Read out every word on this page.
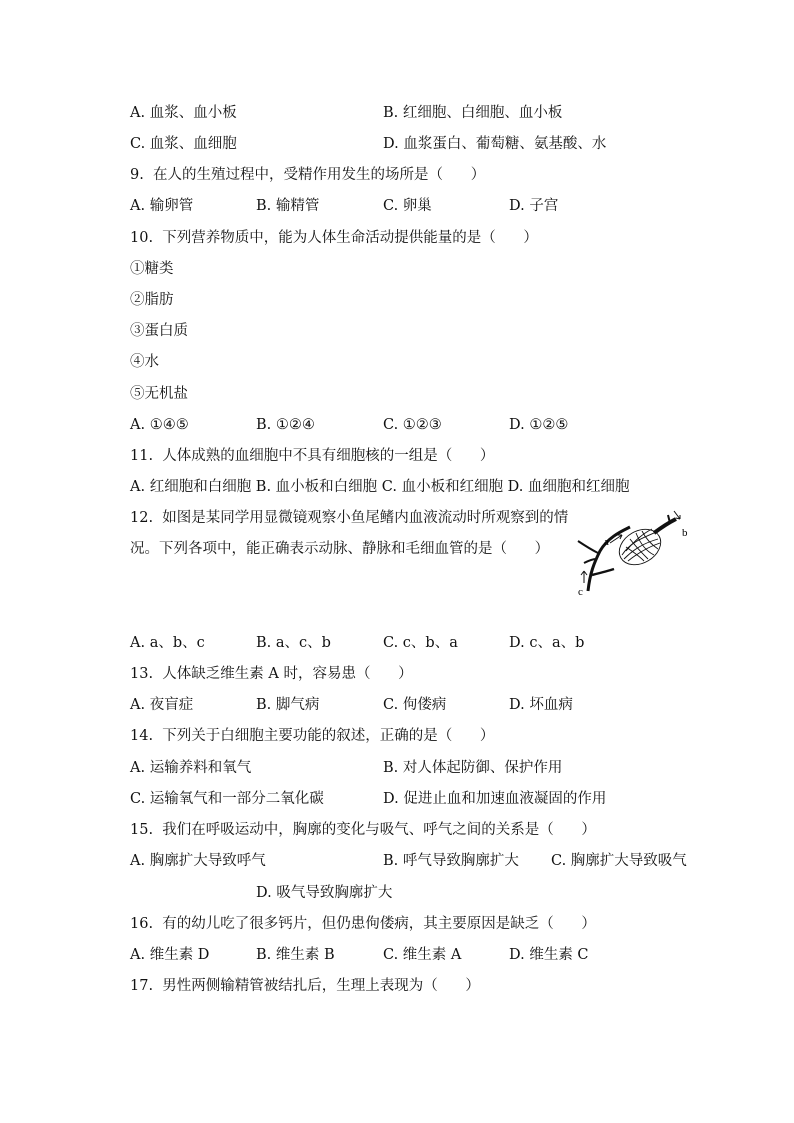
A. 血浆、血小板	B. 红细胞、白细胞、血小板
C. 血浆、血细胞	D. 血浆蛋白、葡萄糖、氨基酸、水
9.  在人的生殖过程中，受精作用发生的场所是（      ）
A. 输卵管	B. 输精管	C. 卵巢	D. 子宫
10.  下列营养物质中，能为人体生命活动提供能量的是（      ）
①糖类
②脂肪
③蛋白质
④水
⑤无机盐
A. ①④⑤	B. ①②④	C. ①②③	D. ①②⑤
11.  人体成熟的血细胞中不具有细胞核的一组是（      ）
A. 红细胞和白细胞 B. 血小板和白细胞 C. 血小板和红细胞 D. 血细胞和红细胞
12.  如图是某同学用显微镜观察小鱼尾鳍内血液流动时所观察到的情
况。下列各项中，能正确表示动脉、静脉和毛细血管的是（      ）	a
b
c
A. a、b、c	B. a、c、b	C. c、b、a	D. c、a、b
13.  人体缺乏维生素 A 时，容易患（      ）
A. 夜盲症	B. 脚气病	C. 佝偻病	D. 坏血病
14.  下列关于白细胞主要功能的叙述，正确的是（      ）
A. 运输养料和氧气	B. 对人体起防御、保护作用
C. 运输氧气和一部分二氧化碳	D. 促进止血和加速血液凝固的作用
15.  我们在呼吸运动中，胸廓的变化与吸气、呼气之间的关系是（      ）
A. 胸廓扩大导致呼气	B. 呼气导致胸廓扩大 C. 胸廓扩大导致吸气
D. 吸气导致胸廓扩大
16.  有的幼儿吃了很多钙片，但仍患佝偻病，其主要原因是缺乏（      ）
A. 维生素 D	B. 维生素 B	C. 维生素 A	D. 维生素 C
17.  男性两侧输精管被结扎后，生理上表现为（      ）
